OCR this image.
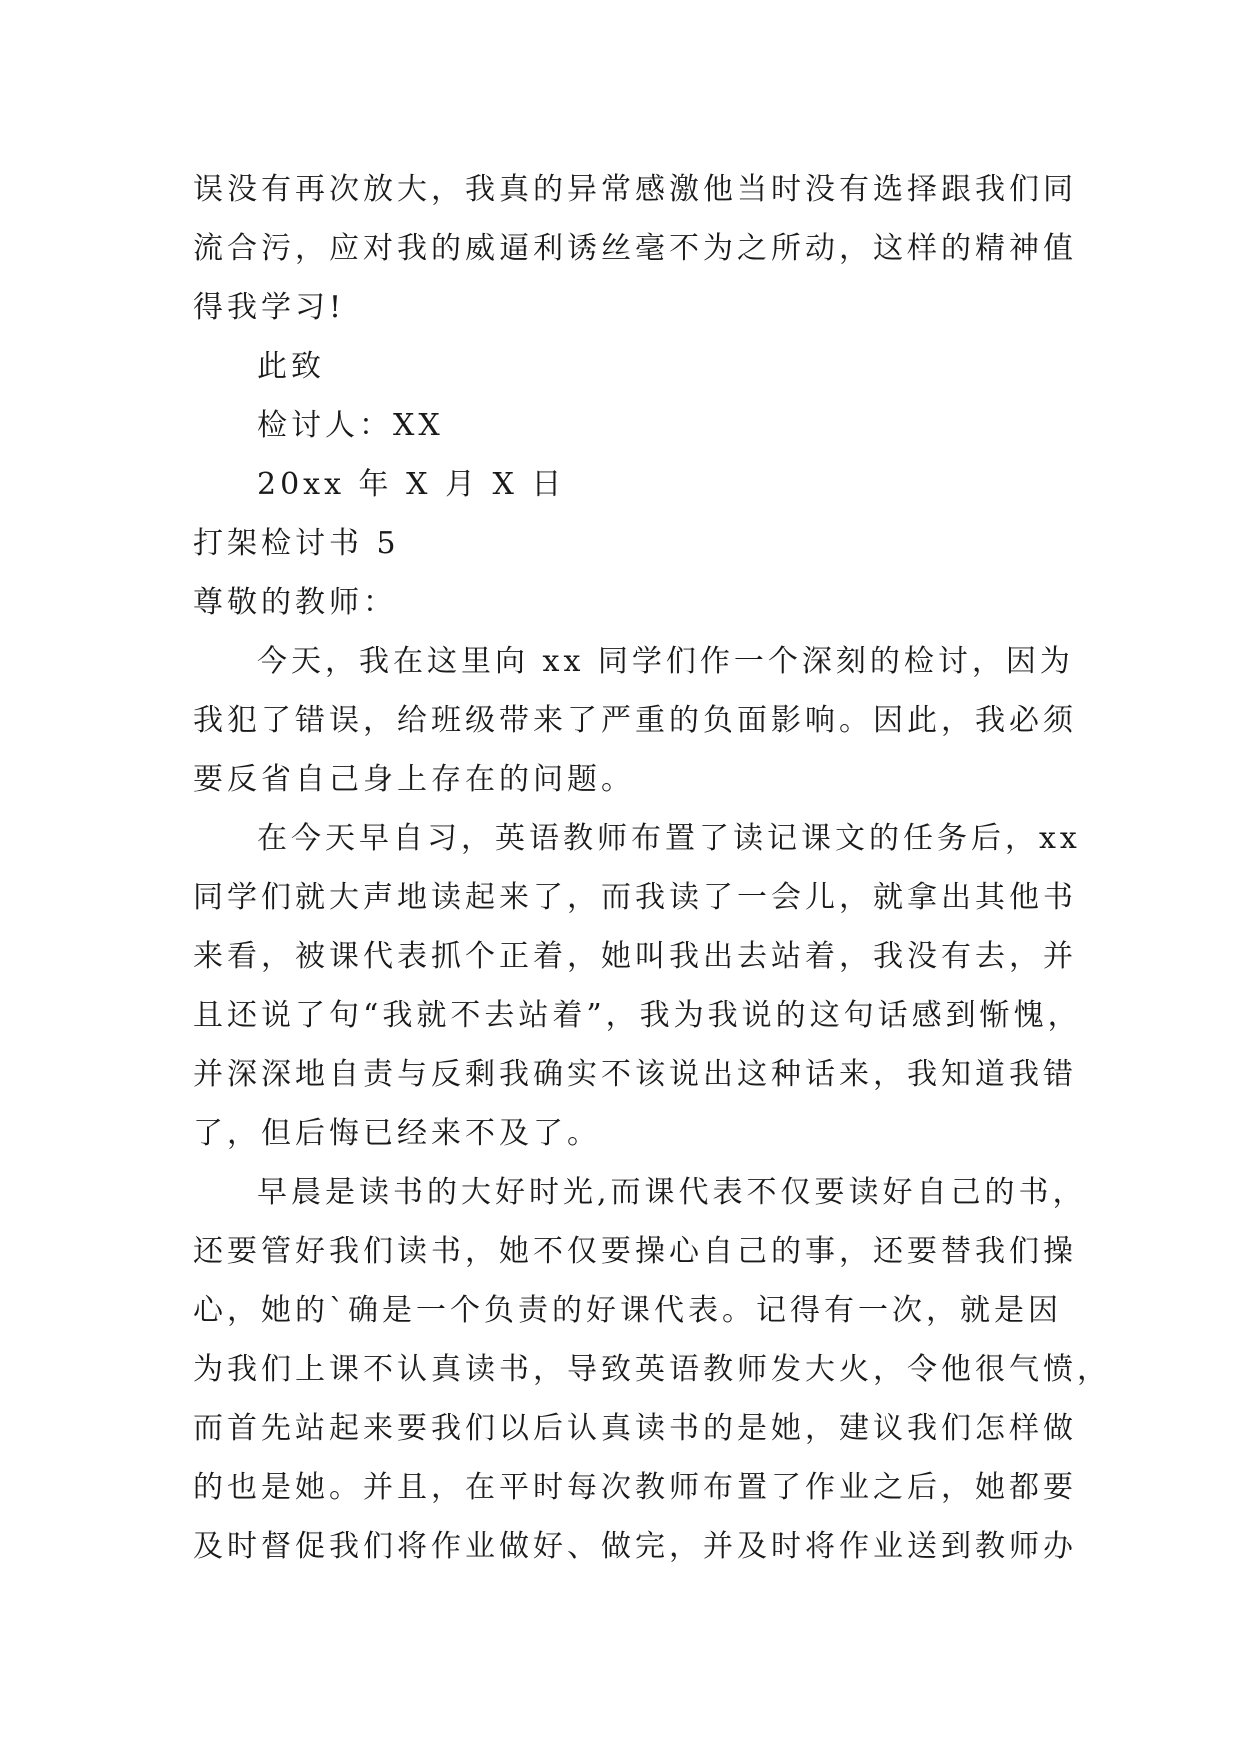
误没有再次放大，我真的异常感激他当时没有选择跟我们同
流合污，应对我的威逼利诱丝毫不为之所动，这样的精神值
得我学习!
此致
检讨人：XX
20xx 年 X 月 X 日
打架检讨书 5
尊敬的教师：
今天，我在这里向 xx 同学们作一个深刻的检讨，因为
我犯了错误，给班级带来了严重的负面影响。因此，我必须
要反省自己身上存在的问题。
在今天早自习，英语教师布置了读记课文的任务后，xx
同学们就大声地读起来了，而我读了一会儿，就拿出其他书
来看，被课代表抓个正着，她叫我出去站着，我没有去，并
且还说了句“我就不去站着”，我为我说的这句话感到惭愧，
并深深地自责与反剩我确实不该说出这种话来，我知道我错
了，但后悔已经来不及了。
早晨是读书的大好时光,而课代表不仅要读好自己的书，
还要管好我们读书，她不仅要操心自己的事，还要替我们操
心，她的`确是一个负责的好课代表。记得有一次，就是因
为我们上课不认真读书，导致英语教师发大火，令他很气愤，
而首先站起来要我们以后认真读书的是她，建议我们怎样做
的也是她。并且，在平时每次教师布置了作业之后，她都要
及时督促我们将作业做好、做完，并及时将作业送到教师办
